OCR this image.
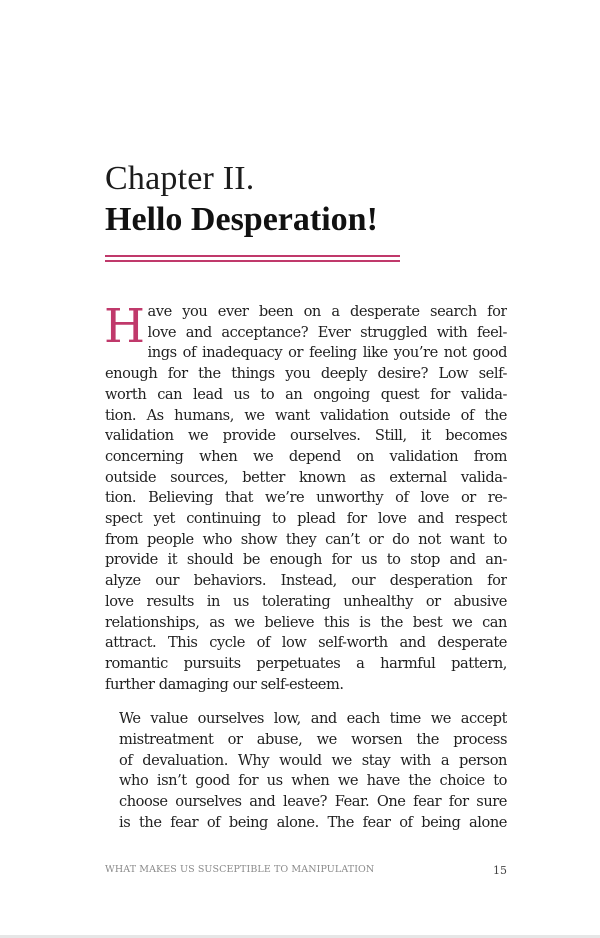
Chapter II.
Hello Desperation!

H ave you ever been on a desperate search for
love and acceptance? Ever struggled with feel-
ings of inadequacy or feeling like you’re not good
enough for the things you deeply desire? Low self-
worth can lead us to an ongoing quest for valida-
tion. As humans, we want validation outside of the
validation we provide ourselves. Still, it becomes
concerning when we depend on validation from
outside sources, better known as external valida-
tion. Believing that we’re unworthy of love or re-
spect yet continuing to plead for love and respect
from people who show they can’t or do not want to
provide it should be enough for us to stop and an-
alyze our behaviors. Instead, our desperation for
love results in us tolerating unhealthy or abusive
relationships, as we believe this is the best we can
attract. This cycle of low self-worth and desperate
romantic pursuits perpetuates a harmful pattern,
further damaging our self-esteem.

We value ourselves low, and each time we accept
mistreatment or abuse, we worsen the process
of devaluation. Why would we stay with a person
who isn’t good for us when we have the choice to
choose ourselves and leave? Fear. One fear for sure
is the fear of being alone. The fear of being alone

WHAT MAKES US SUSCEPTIBLE TO MANIPULATION	15
